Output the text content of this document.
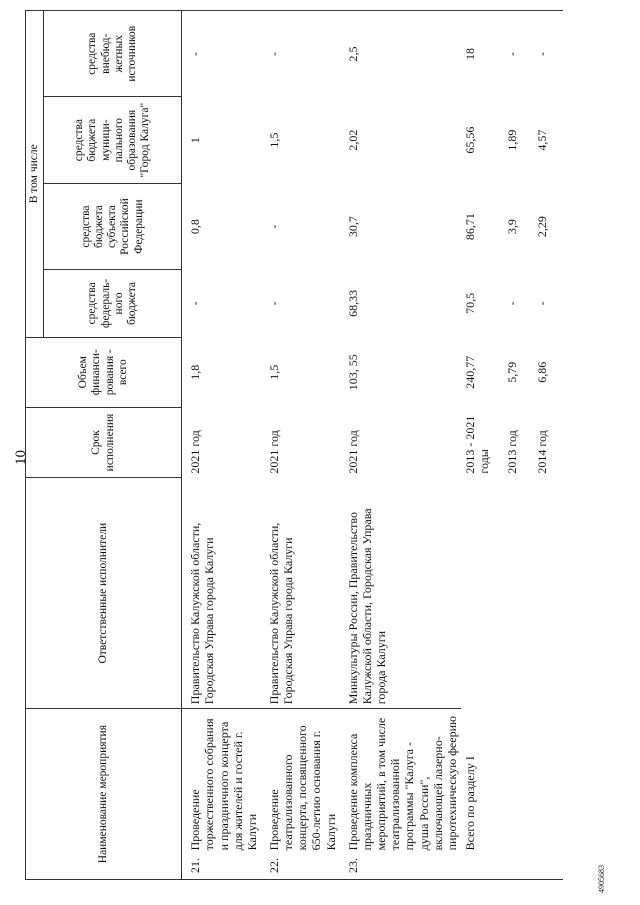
10
Наименование мероприятия		Ответственные исполнители	Срок исполнения	Объем финанси- рования - всего	В том числе			
					средства федераль- ного бюджета	средства бюджета субъекта Российской Федерации	средства бюджета муници- пального образования "Город Калуга"	средства внебюд- жетных источников
21.	Проведение торжественного собрания и праздничного концерта для жителей и гостей г. Калуги	Правительство Калужской области, Городская Управа города Калуги	2021 год	1,8	-	0,8	1	-
22.	Проведение театрализованного концерта, посвященного 650-летию основания г. Калуги	Правительство Калужской области, Городская Управа города Калуги	2021 год	1,5	-	-	1,5	-
23.	Проведение комплекса праздничных мероприятий, в том числе театрализованной программы "Калуга - душа России", включающей лазерно-пиротехническую феерию	Минкультуры России, Правительство Калужской области, Городская Управа города Калуги	2021 год	103, 55	68,33	30,7	2,02	2,5
	Всего по разделу I		2013 - 2021 годы	240,77	70,5	86,71	65,56	18
			2013 год	5,79	-	3,9	1,89	-
			2014 год	6,86	-	2,29	4,57	-
4905683
